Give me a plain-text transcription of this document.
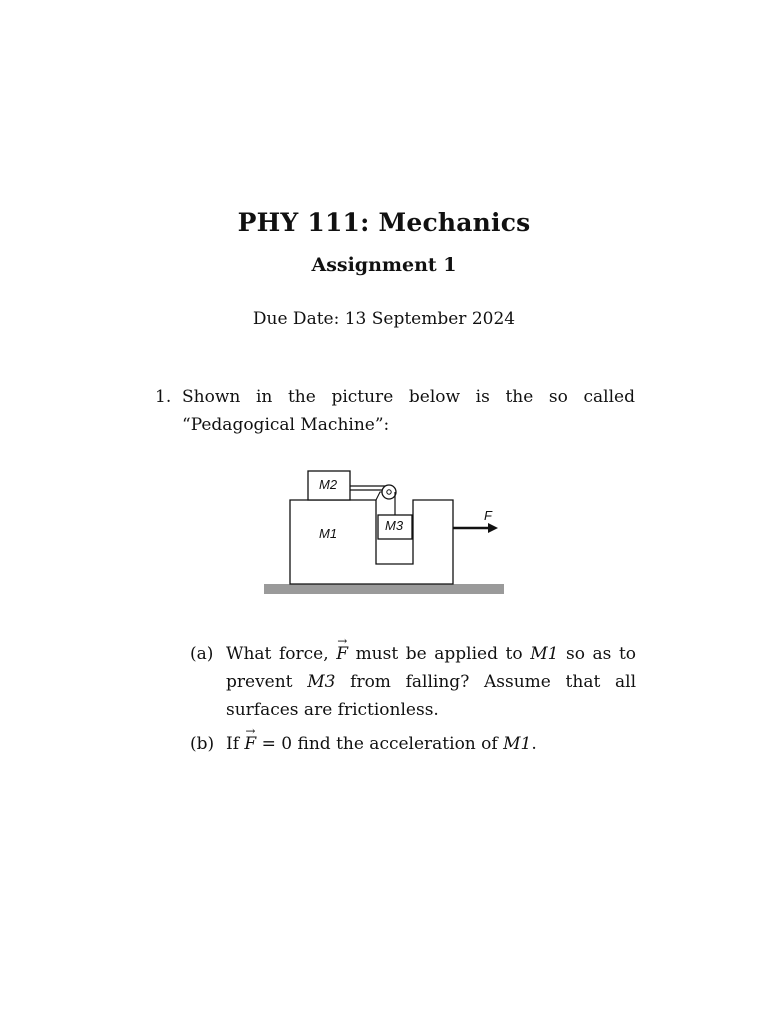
PHY 111: Mechanics
Assignment 1
Due Date: 13 September 2024
1. Shown in the picture below is the so called “Pedagogical Machine”:
M2
M1
M3
F
(a) What force, → F must be applied to M1 so as to prevent M3 from falling? Assume that all surfaces are frictionless.
(b) If → F = 0 find the acceleration of M1.
